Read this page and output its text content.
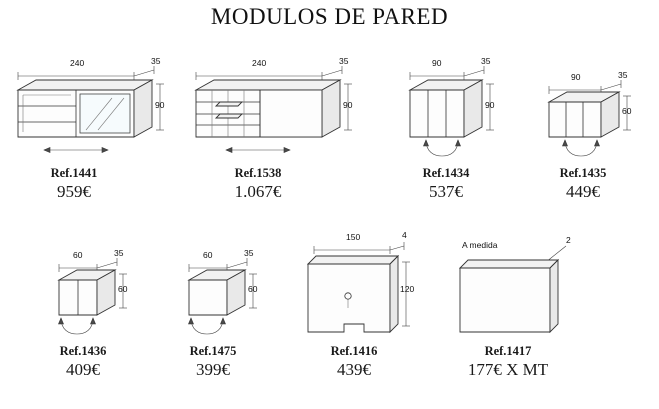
MODULOS DE PARED
240	35
90
Ref.1441
959€
240	35
90
Ref.1538
1.067€
90	35
90
Ref.1434
537€
90	35
60
Ref.1435
449€
60	35
60
Ref.1436
409€
60	35
60
Ref.1475
399€
150	4
120
Ref.1416
439€
A medida	2
Ref.1417
177€ X MT
